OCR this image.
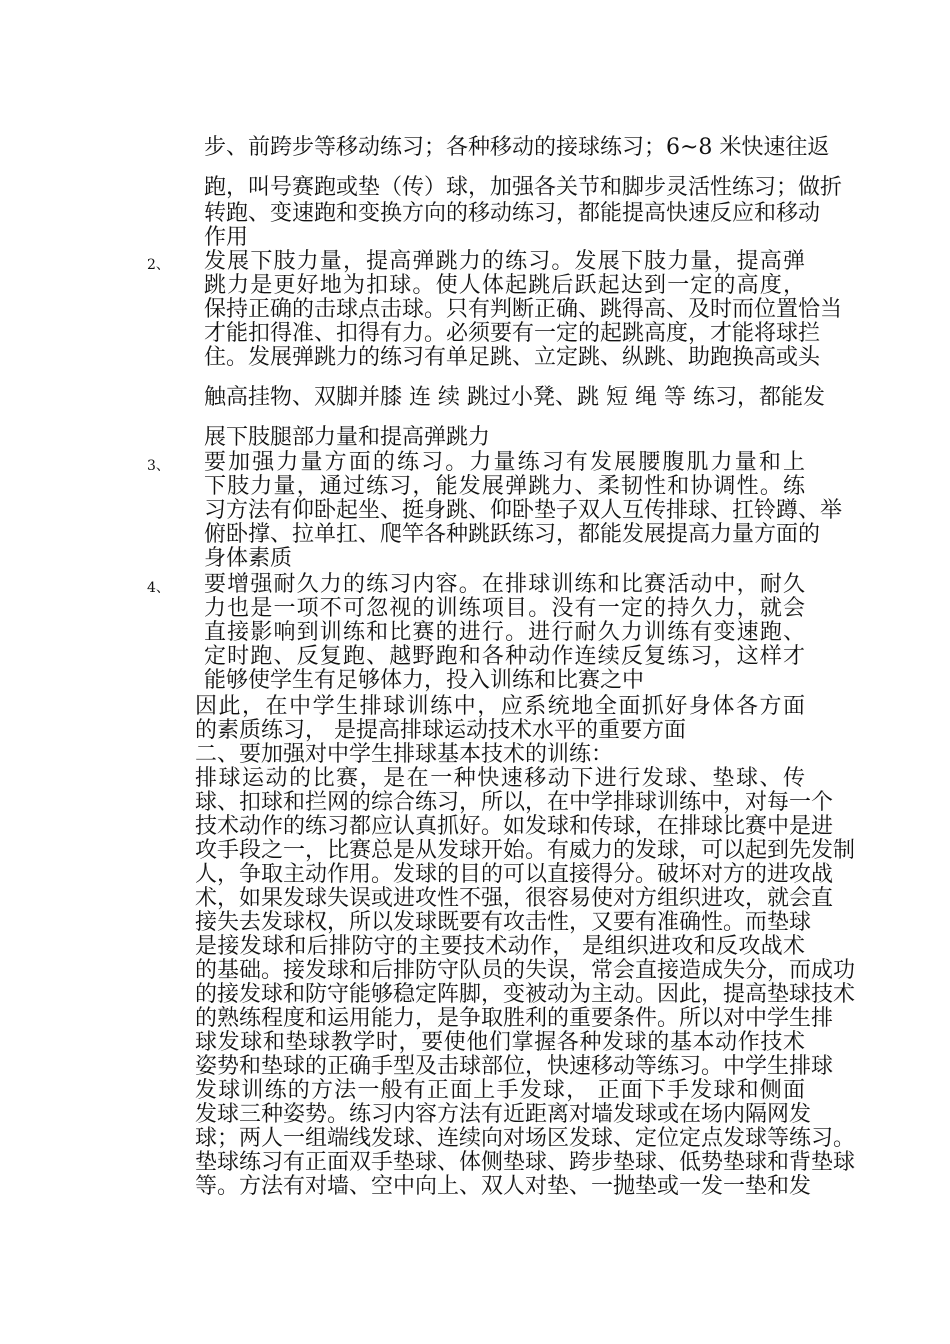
步、前跨步等移动练习；各种移动的接球练习；6~8 米快速往返
跑，叫号赛跑或垫（传）球，加强各关节和脚步灵活性练习；做折
转跑、变速跑和变换方向的移动练习，都能提高快速反应和移动
作用
2、 发展下肢力量，提高弹跳力的练习。发展下肢力量，提高弹
跳力是更好地为扣球。使人体起跳后跃起达到一定的高度，
保持正确的击球点击球。只有判断正确、跳得高、及时而位置恰当
才能扣得准、扣得有力。必须要有一定的起跳高度，才能将球拦
住。发展弹跳力的练习有单足跳、立定跳、纵跳、助跑换高或头
触高挂物、双脚并膝 连 续 跳过小凳、跳 短 绳 等 练习，都能发
展下肢腿部力量和提高弹跳力
3、 要加强力量方面的练习。力量练习有发展腰腹肌力量和上
下肢力量，通过练习，能发展弹跳力、柔韧性和协调性。练
习方法有仰卧起坐、挺身跳、仰卧垫子双人互传排球、扛铃蹲、举
俯卧撑、拉单扛、爬竿各种跳跃练习，都能发展提高力量方面的
身体素质
4、 要增强耐久力的练习内容。在排球训练和比赛活动中，耐久
力也是一项不可忽视的训练项目。没有一定的持久力，就会
直接影响到训练和比赛的进行。进行耐久力训练有变速跑、
定时跑、反复跑、越野跑和各种动作连续反复练习，这样才
能够使学生有足够体力，投入训练和比赛之中
因此，在中学生排球训练中，应系统地全面抓好身体各方面
的素质练习， 是提高排球运动技术水平的重要方面
二、要加强对中学生排球基本技术的训练：
排球运动的比赛，是在一种快速移动下进行发球、垫球、传
球、扣球和拦网的综合练习，所以，在中学排球训练中，对每一个
技术动作的练习都应认真抓好。如发球和传球，在排球比赛中是进
攻手段之一，比赛总是从发球开始。有威力的发球，可以起到先发制
人，争取主动作用。发球的目的可以直接得分。破坏对方的进攻战
术，如果发球失误或进攻性不强，很容易使对方组织进攻，就会直
接失去发球权，所以发球既要有攻击性，又要有准确性。而垫球
是接发球和后排防守的主要技术动作， 是组织进攻和反攻战术
的基础。接发球和后排防守队员的失误，常会直接造成失分，而成功
的接发球和防守能够稳定阵脚，变被动为主动。因此，提高垫球技术
的熟练程度和运用能力，是争取胜利的重要条件。所以对中学生排
球发球和垫球教学时，要使他们掌握各种发球的基本动作技术
姿势和垫球的正确手型及击球部位，快速移动等练习。中学生排球
发球训练的方法一般有正面上手发球， 正面下手发球和侧面
发球三种姿势。练习内容方法有近距离对墙发球或在场内隔网发
球；两人一组端线发球、连续向对场区发球、定位定点发球等练习。
垫球练习有正面双手垫球、体侧垫球、跨步垫球、低势垫球和背垫球
等。方法有对墙、空中向上、双人对垫、一抛垫或一发一垫和发
